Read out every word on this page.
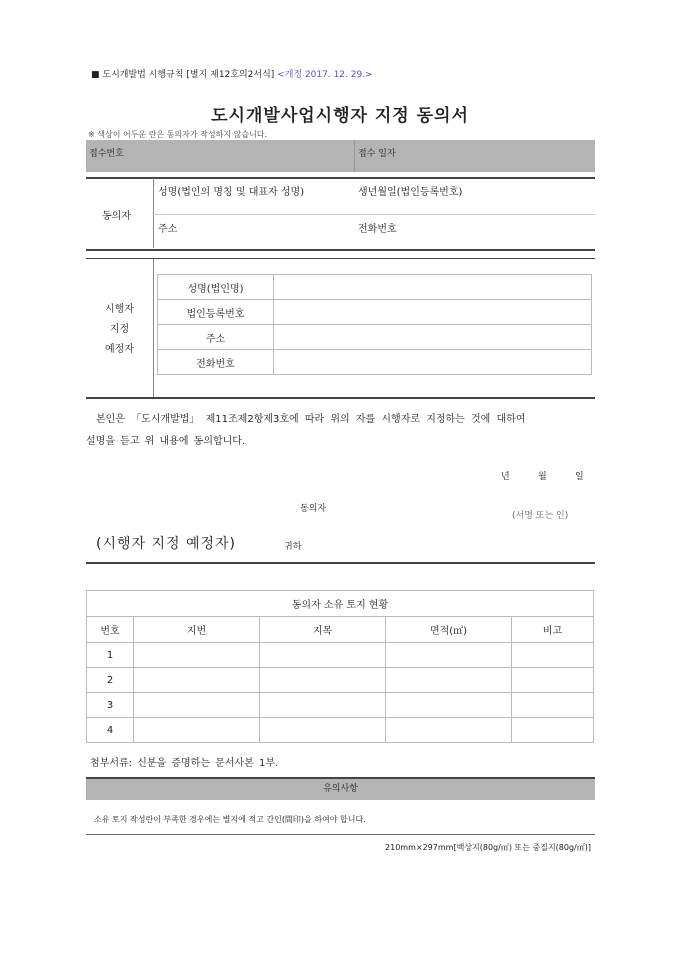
■ 도시개발법 시행규칙 [별지 제12호의2서식] <개정 2017. 12. 29.>
도시개발사업시행자 지정 동의서
※ 색상이 어두운 란은 동의자가 작성하지 않습니다.
접수번호	접수 일자
동의자
성명(법인의 명칭 및 대표자 성명)	생년월일(법인등록번호)
주소	전화번호
시행자
지정
예정자
성명(법인명)	
법인등록번호	
주소	
전화번호	
본인은 「도시개발법」 제11조제2항제3호에 따라 위의 자를 시행자로 지정하는 것에 대하여
설명을 듣고 위 내용에 동의합니다.
년	월	일
동의자
(서명 또는 인)
(시행자 지정 예정자)	귀하
동의자 소유 토지 현황				
번호	지번	지목	면적(㎡)	비고
1				
2				
3				
4				
첨부서류: 신분을 증명하는 문서사본 1부.
유의사항
소유 토지 작성란이 부족한 경우에는 별지에 적고 간인(間印)을 하여야 합니다.
210mm×297mm[백상지(80g/㎡) 또는 중질지(80g/㎡)]
